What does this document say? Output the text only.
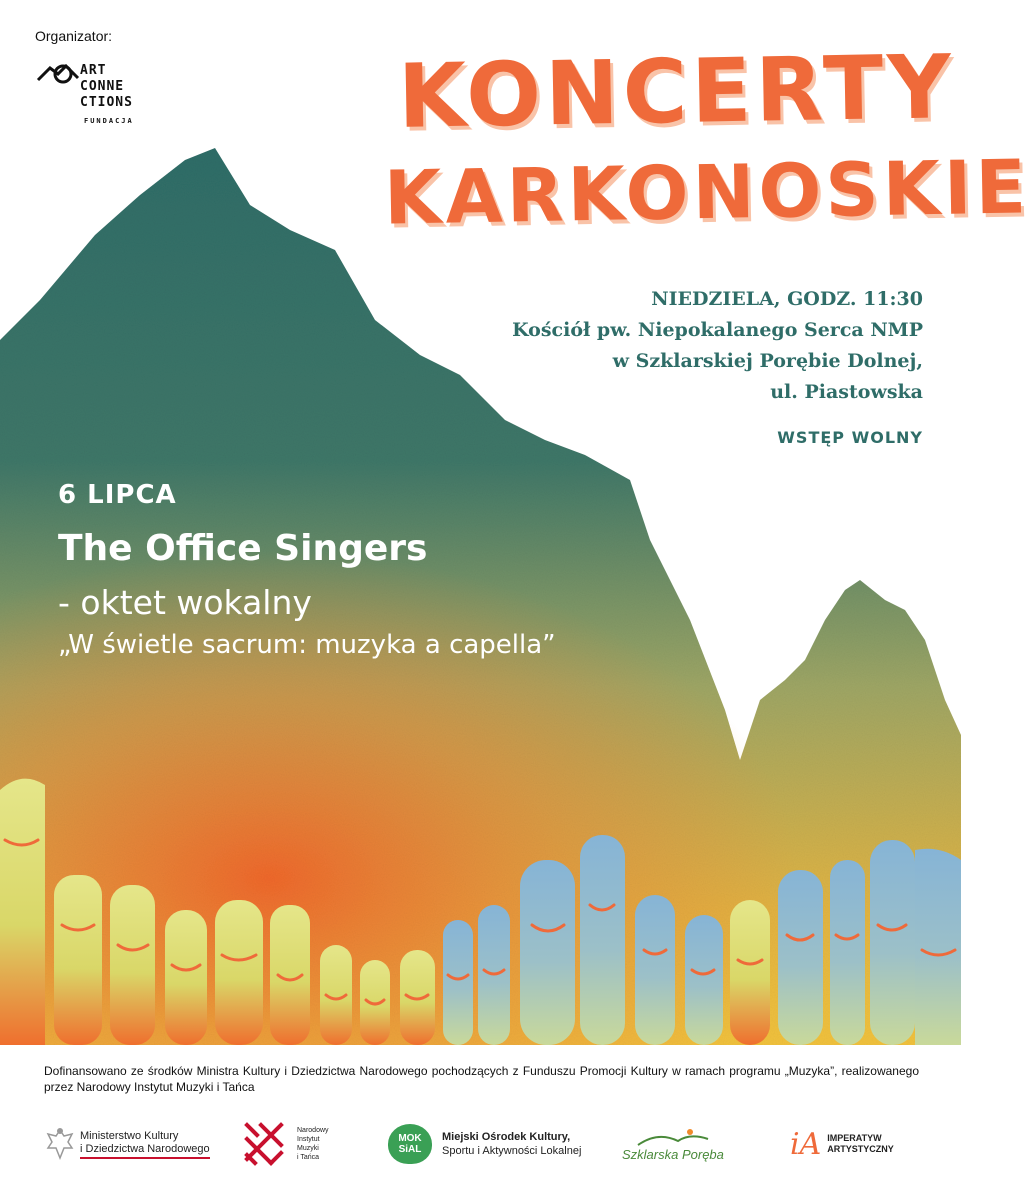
Organizator:
ART
CONNE
CTIONS
FUNDACJA	KONCERTY
KARKONOSKIE
NIEDZIELA, GODZ. 11:30
Kościół pw. Niepokalanego Serca NMP
w Szklarskiej Porębie Dolnej,
ul. Piastowska
WSTĘP WOLNY
6 LIPCA
The Office Singers
- oktet wokalny
„W świetle sacrum: muzyka a capella”
Dofinansowano ze środków Ministra Kultury i Dziedzictwa Narodowego pochodzących z Funduszu Promocji Kultury w ramach programu „Muzyka”, realizowanego przez Narodowy Instytut Muzyki i Tańca
Ministerstwo Kultury
i Dziedzictwa Narodowego
Narodowy
Instytut
Muzyki
i Tańca
MOK
SiAL
Miejski Ośrodek Kultury,
Sportu i Aktywności Lokalnej	Szklarska Poręba iA IMPERATYW
ARTYSTYCZNY
